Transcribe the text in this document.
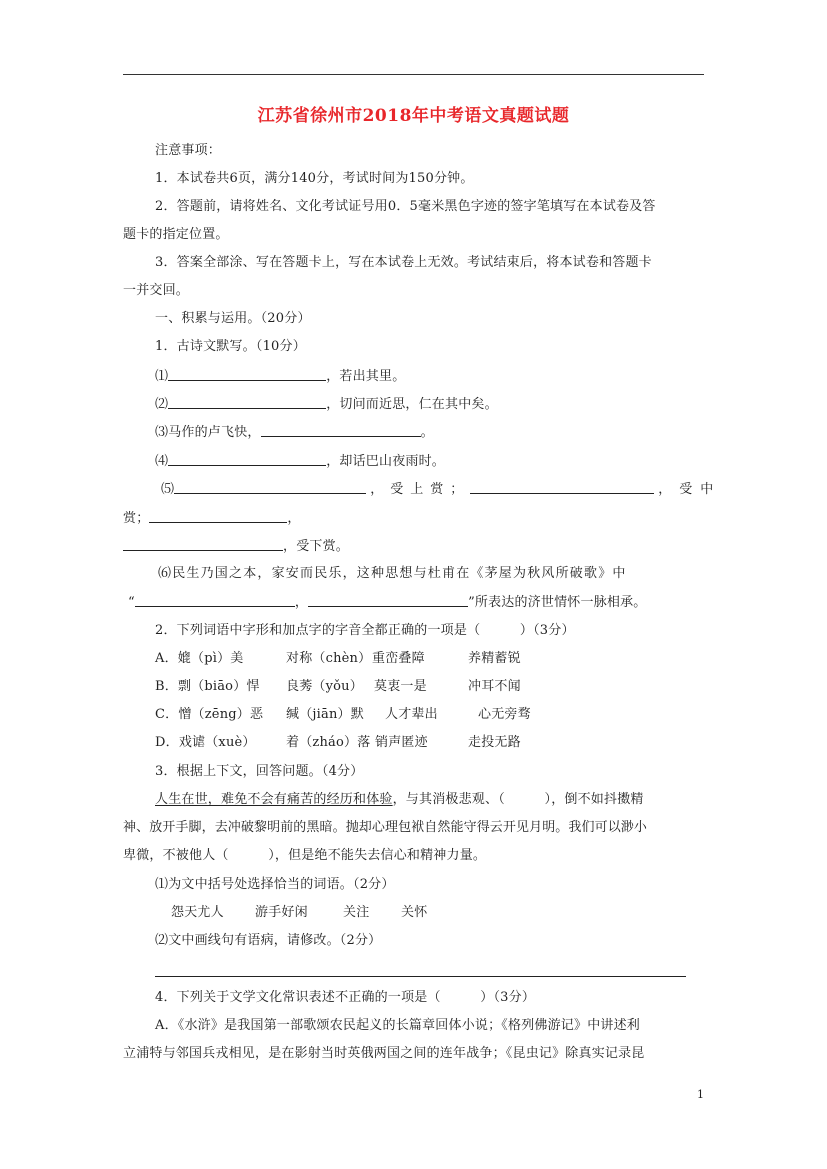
江苏省徐州市2018年中考语文真题试题
注意事项：
1．本试卷共6页，满分140分，考试时间为150分钟。
2．答题前，请将姓名、文化考试证号用0．5毫米黑色字迹的签字笔填写在本试卷及答
题卡的指定位置。
3．答案全部涂、写在答题卡上，写在本试卷上无效。考试结束后，将本试卷和答题卡
一并交回。
一、积累与运用。（20分）
1．古诗文默写。（10分）
⑴	，若出其里。
⑵	，切问而近思，仁在其中矣。
⑶马作的卢飞快，	。
⑷	，却话巴山夜雨时。
⑸	，受上赏；	，受中
赏；	，
，受下赏。
⑹民生乃国之本，家安而民乐，这种思想与杜甫在《茅屋为秋风所破歌》中
“	，	”所表达的济世情怀一脉相承。
2．下列词语中字形和加点字的字音全都正确的一项是（　　　）（3分）
A．媲（pì）美	对称（chèn）重峦叠障	养精蓄锐
B．剽（biāo）悍 良莠（yǒu） 莫衷一是	冲耳不闻
C．憎（zēng）恶 缄（jiān）默 人才辈出	心无旁骛
D．戏谑（xuè） 着（zháo）落 销声匿迹	走投无路
3．根据上下文，回答问题。（4分）
人生在世，难免不会有痛苦的经历和体验，与其消极悲观、（　　　），倒不如抖擞精
神、放开手脚，去冲破黎明前的黑暗。抛却心理包袱自然能守得云开见月明。我们可以渺小
卑微，不被他人（　　　），但是绝不能失去信心和精神力量。
⑴为文中括号处选择恰当的词语。（2分）
怨天尤人 游手好闲	关注 关怀
⑵文中画线句有语病，请修改。（2分）
4．下列关于文学文化常识表述不正确的一项是（　　　）（3分）
A．《水浒》是我国第一部歌颂农民起义的长篇章回体小说；《格列佛游记》中讲述利
立浦特与邻国兵戎相见，是在影射当时英俄两国之间的连年战争；《昆虫记》除真实记录昆
1
